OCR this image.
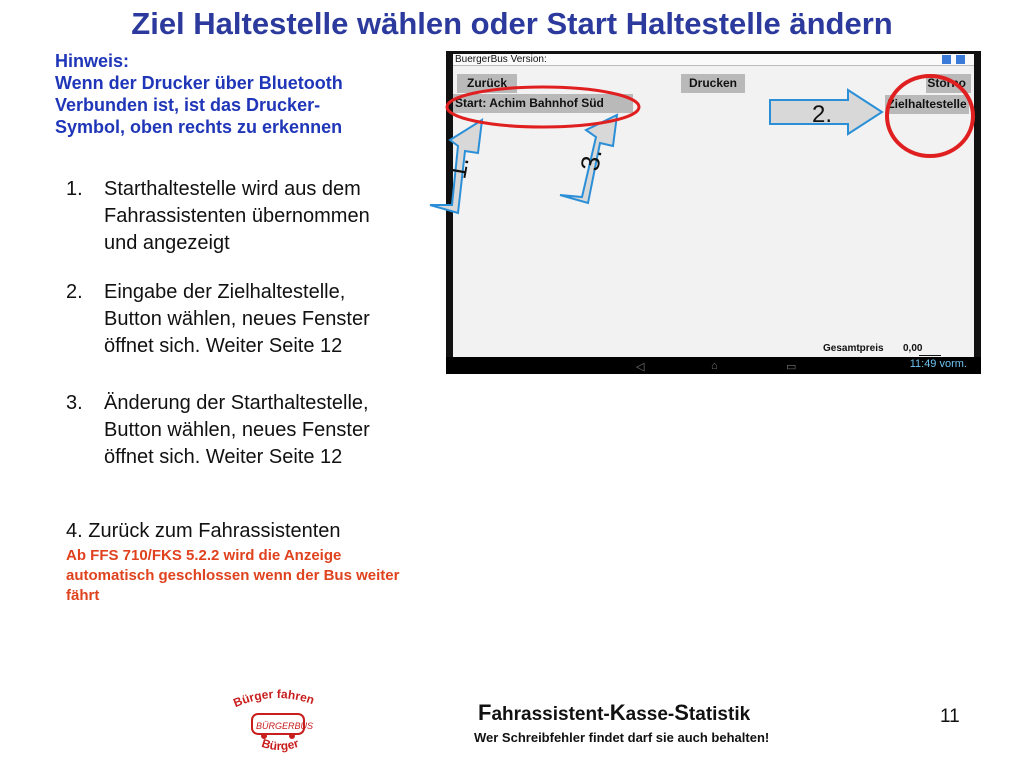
Ziel Haltestelle wählen oder Start Haltestelle ändern
Hinweis:
Wenn der Drucker über Bluetooth
Verbunden ist, ist das Drucker-
Symbol, oben rechts zu erkennen
1.	Starthaltestelle wird aus dem
Fahrassistenten übernommen
und angezeigt
2.	Eingabe der Zielhaltestelle,
Button wählen, neues Fenster
öffnet sich. Weiter Seite 12
3.	Änderung der Starthaltestelle,
Button wählen, neues Fenster
öffnet sich. Weiter Seite 12
4. Zurück zum Fahrassistenten
Ab FFS 710/FKS 5.2.2 wird die Anzeige
automatisch geschlossen wenn der Bus weiter
fährt
BuergerBus Version:
Zurück	Drucken	Storno
Start: Achim Bahnhof Süd	Zielhaltestelle
Gesamtpreis 0,00
◁	⌂	▭	11:49 vorm.
1.	3.
2.
Bürger fahren
BÜRGERBUS
Bürger
Fahrassistent-Kasse-Statistik
Wer Schreibfehler findet darf sie auch behalten!
11
